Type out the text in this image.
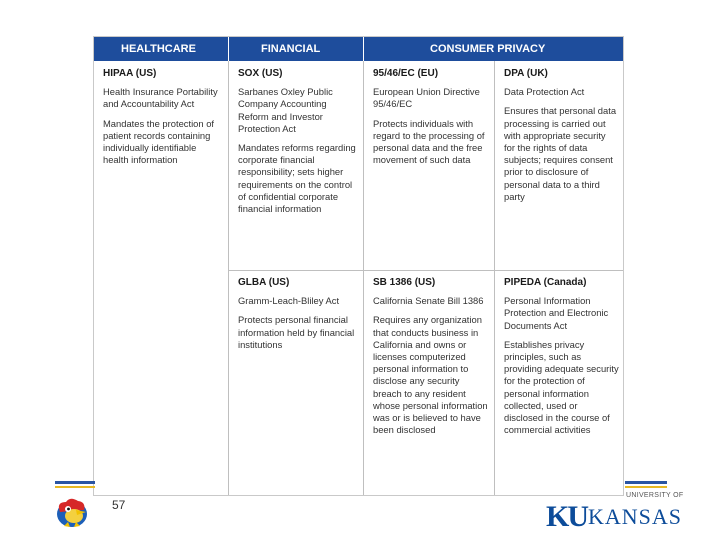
HEALTHCARE	FINANCIAL	CONSUMER PRIVACY
HIPAA (US)

Health Insurance Portability and Accountability Act

Mandates the protection of patient records containing individually identifiable health information

SOX (US)

Sarbanes Oxley Public Company Accounting Reform and Investor Protection Act

Mandates reforms regarding corporate financial responsibility; sets higher requirements on the control of confidential corporate financial information

GLBA (US)

Gramm-Leach-Bliley Act

Protects personal financial information held by financial institutions

95/46/EC (EU)

European Union Directive 95/46/EC

Protects individuals with regard to the processing of personal data and the free movement of such data

SB 1386 (US)

California Senate Bill 1386

Requires any organization that conducts business in California and owns or licenses computerized personal information to disclose any security breach to any resident whose personal information was or is believed to have been disclosed

DPA (UK)

Data Protection Act

Ensures that personal data processing is carried out with appropriate security for the rights of data subjects; requires consent prior to disclosure of personal data to a third party

PIPEDA (Canada)

Personal Information Protection and Electronic Documents Act

Establishes privacy principles, such as providing adequate security for the protection of personal information collected, used or disclosed in the course of commercial activities

KU
UNIVERSITY OF
KANSAS
57
